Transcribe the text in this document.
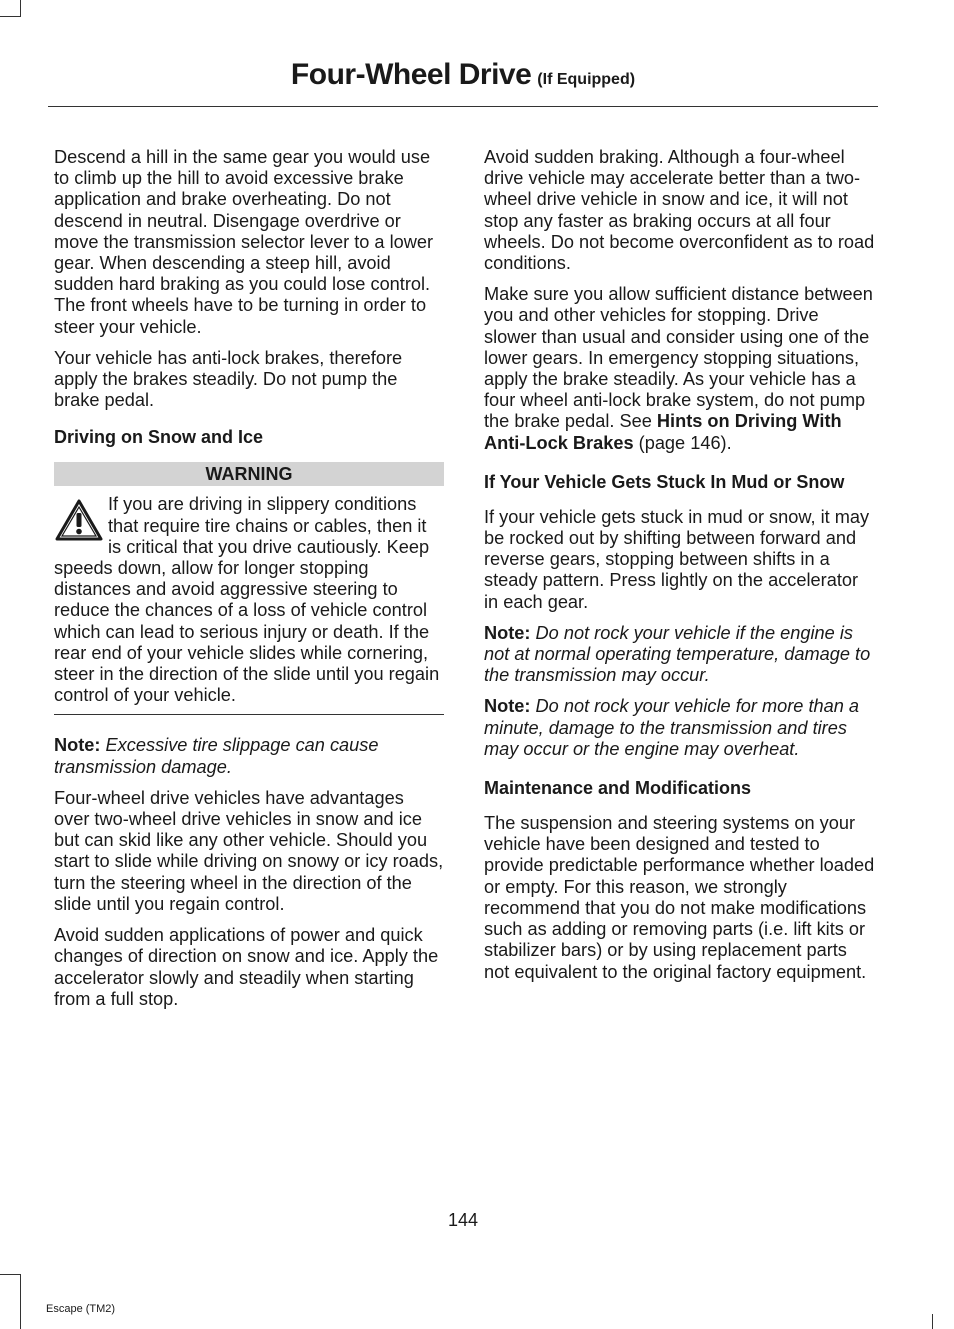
Four-Wheel Drive (If Equipped)

Descend a hill in the same gear you would use to climb up the hill to avoid excessive brake application and brake overheating. Do not descend in neutral. Disengage overdrive or move the transmission selector lever to a lower gear. When descending a steep hill, avoid sudden hard braking as you could lose control. The front wheels have to be turning in order to steer your vehicle.

Your vehicle has anti-lock brakes, therefore apply the brakes steadily. Do not pump the brake pedal.

Driving on Snow and Ice
WARNING
If you are driving in slippery conditions that require tire chains or cables, then it is critical that you drive cautiously. Keep speeds down, allow for longer stopping distances and avoid aggressive steering to reduce the chances of a loss of vehicle control which can lead to serious injury or death. If the rear end of your vehicle slides while cornering, steer in the direction of the slide until you regain control of your vehicle.

Note: Excessive tire slippage can cause transmission damage.

Four-wheel drive vehicles have advantages over two-wheel drive vehicles in snow and ice but can skid like any other vehicle. Should you start to slide while driving on snowy or icy roads, turn the steering wheel in the direction of the slide until you regain control.

Avoid sudden applications of power and quick changes of direction on snow and ice. Apply the accelerator slowly and steadily when starting from a full stop.

Avoid sudden braking. Although a four-wheel drive vehicle may accelerate better than a two-wheel drive vehicle in snow and ice, it will not stop any faster as braking occurs at all four wheels. Do not become overconfident as to road conditions.

Make sure you allow sufficient distance between you and other vehicles for stopping. Drive slower than usual and consider using one of the lower gears. In emergency stopping situations, apply the brake steadily. As your vehicle has a four wheel anti-lock brake system, do not pump the brake pedal. See Hints on Driving With Anti-Lock Brakes (page 146).

If Your Vehicle Gets Stuck In Mud or Snow

If your vehicle gets stuck in mud or snow, it may be rocked out by shifting between forward and reverse gears, stopping between shifts in a steady pattern. Press lightly on the accelerator in each gear.

Note: Do not rock your vehicle if the engine is not at normal operating temperature, damage to the transmission may occur.

Note: Do not rock your vehicle for more than a minute, damage to the transmission and tires may occur or the engine may overheat.

Maintenance and Modifications

The suspension and steering systems on your vehicle have been designed and tested to provide predictable performance whether loaded or empty. For this reason, we strongly recommend that you do not make modifications such as adding or removing parts (i.e. lift kits or stabilizer bars) or by using replacement parts not equivalent to the original factory equipment.

144
Escape (TM2)
